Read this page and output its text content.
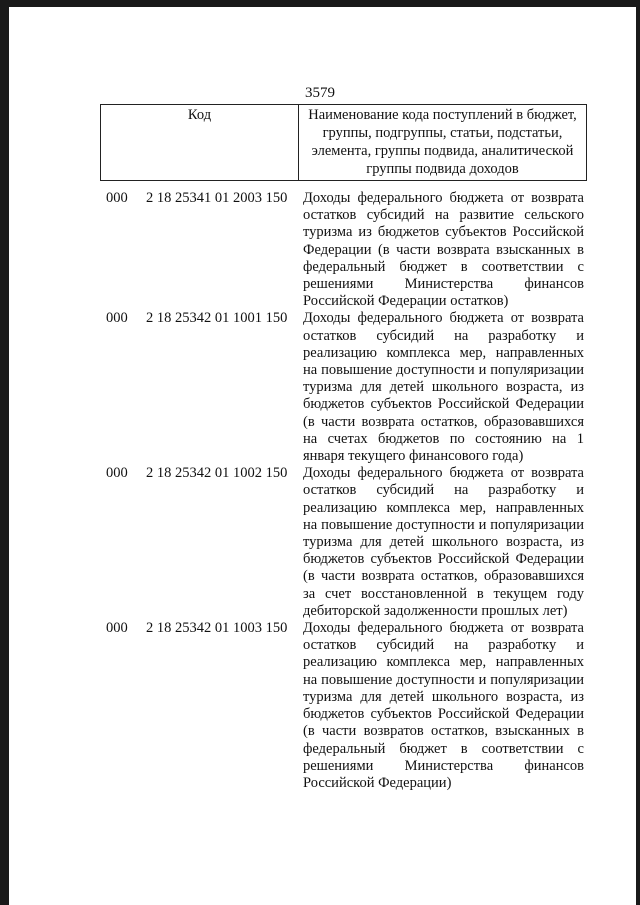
3579
Код	Наименование кода поступлений в бюджет, группы, подгруппы, статьи, подстатьи, элемента, группы подвида, аналитической группы подвида доходов
000	2 18 25341 01 2003 150	Доходы федерального бюджета от возврата остатков субсидий на развитие сельского туризма из бюджетов субъектов Российской Федерации (в части возврата взысканных в федеральный бюджет в соответствии с решениями Министерства финансов Российской Федерации остатков)
000	2 18 25342 01 1001 150	Доходы федерального бюджета от возврата остатков субсидий на разработку и реализацию комплекса мер, направленных на повышение доступности и популяризации туризма для детей школьного возраста, из бюджетов субъектов Российской Федерации (в части возврата остатков, образовавшихся на счетах бюджетов по состоянию на 1 января текущего финансового года)
000	2 18 25342 01 1002 150	Доходы федерального бюджета от возврата остатков субсидий на разработку и реализацию комплекса мер, направленных на повышение доступности и популяризации туризма для детей школьного возраста, из бюджетов субъектов Российской Федерации (в части возврата остатков, образовавшихся за счет восстановленной в текущем году дебиторской задолженности прошлых лет)
000	2 18 25342 01 1003 150	Доходы федерального бюджета от возврата остатков субсидий на разработку и реализацию комплекса мер, направленных на повышение доступности и популяризации туризма для детей школьного возраста, из бюджетов субъектов Российской Федерации (в части возвратов остатков, взысканных в федеральный бюджет в соответствии с решениями Министерства финансов Российской Федерации)
